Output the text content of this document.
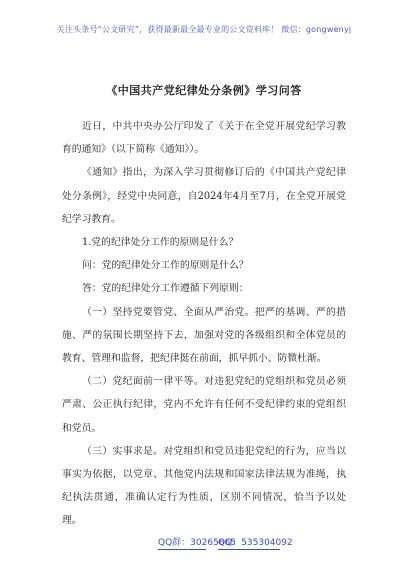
关注头条号“公文研究”，获得最新最全最专业的公文资料库！ 微信：gongwenyj
《中国共产党纪律处分条例》学习问答

近日，中共中央办公厅印发了《关于在全党开展党纪学习教育的通知》（以下简称《通知》）。

《通知》指出，为深入学习贯彻修订后的《中国共产党纪律处分条例》，经党中央同意，自2024年4月至7月，在全党开展党纪学习教育。

1.党的纪律处分工作的原则是什么？

问：党的纪律处分工作的原则是什么？

答：党的纪律处分工作遵循下列原则：

（一）坚持党要管党、全面从严治党。把严的基调、严的措施、严的氛围长期坚持下去，加强对党的各级组织和全体党员的教育、管理和监督，把纪律挺在前面，抓早抓小、防微杜渐。

（二）党纪面前一律平等。对违犯党纪的党组织和党员必须严肃、公正执行纪律，党内不允许有任何不受纪律约束的党组织和党员。

（三）实事求是。对党组织和党员违犯党纪的行为，应当以事实为依据，以党章、其他党内法规和国家法律法规为准绳，执纪执法贯通，准确认定行为性质，区别不同情况，恰当予以处理。

QQ群：30265665
QQ：535304092
